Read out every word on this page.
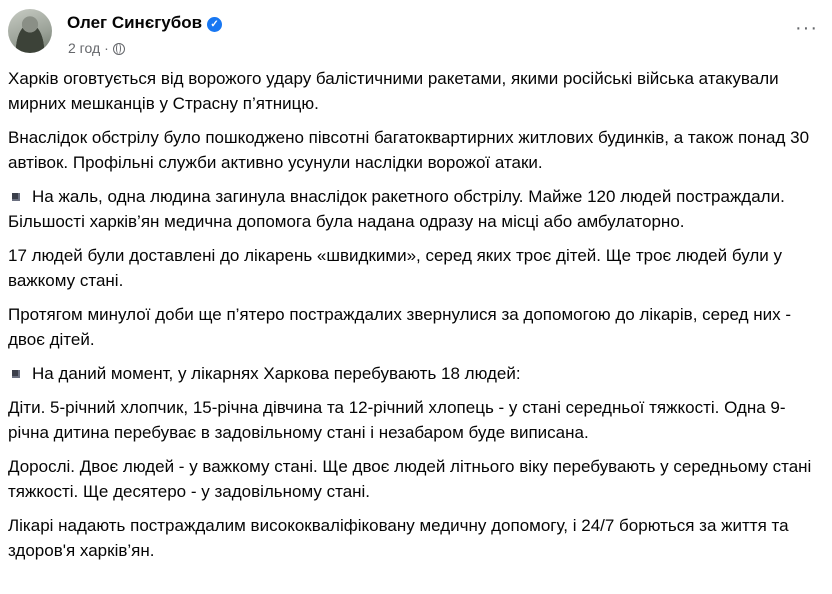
Олег Синєгубов ✓
2 год ·
···

Харків оговтується від ворожого удару балістичними ракетами, якими російські війська атакували мирних мешканців у Страсну п’ятницю.

Внаслідок обстрілу було пошкоджено півсотні багатоквартирних житлових будинків, а також понад 30 автівок. Профільні служби активно усунули наслідки ворожої атаки.

На жаль, одна людина загинула внаслідок ракетного обстрілу. Майже 120 людей постраждали. Більшості харків’ян медична допомога була надана одразу на місці або амбулаторно.

17 людей були доставлені до лікарень «швидкими», серед яких троє дітей. Ще троє людей були у важкому стані.

Протягом минулої доби ще п’ятеро постраждалих звернулися за допомогою до лікарів, серед них - двоє дітей.

На даний момент, у лікарнях Харкова перебувають 18 людей:

Діти. 5-річний хлопчик, 15-річна дівчина та 12-річний хлопець - у стані середньої тяжкості. Одна 9-річна дитина перебуває в задовільному стані і незабаром буде виписана.

Дорослі. Двоє людей - у важкому стані. Ще двоє людей літнього віку перебувають у середньому стані тяжкості. Ще десятеро - у задовільному стані.

Лікарі надають постраждалим висококваліфіковану медичну допомогу, і 24/7 борються за життя та здоров'я харків’ян.
